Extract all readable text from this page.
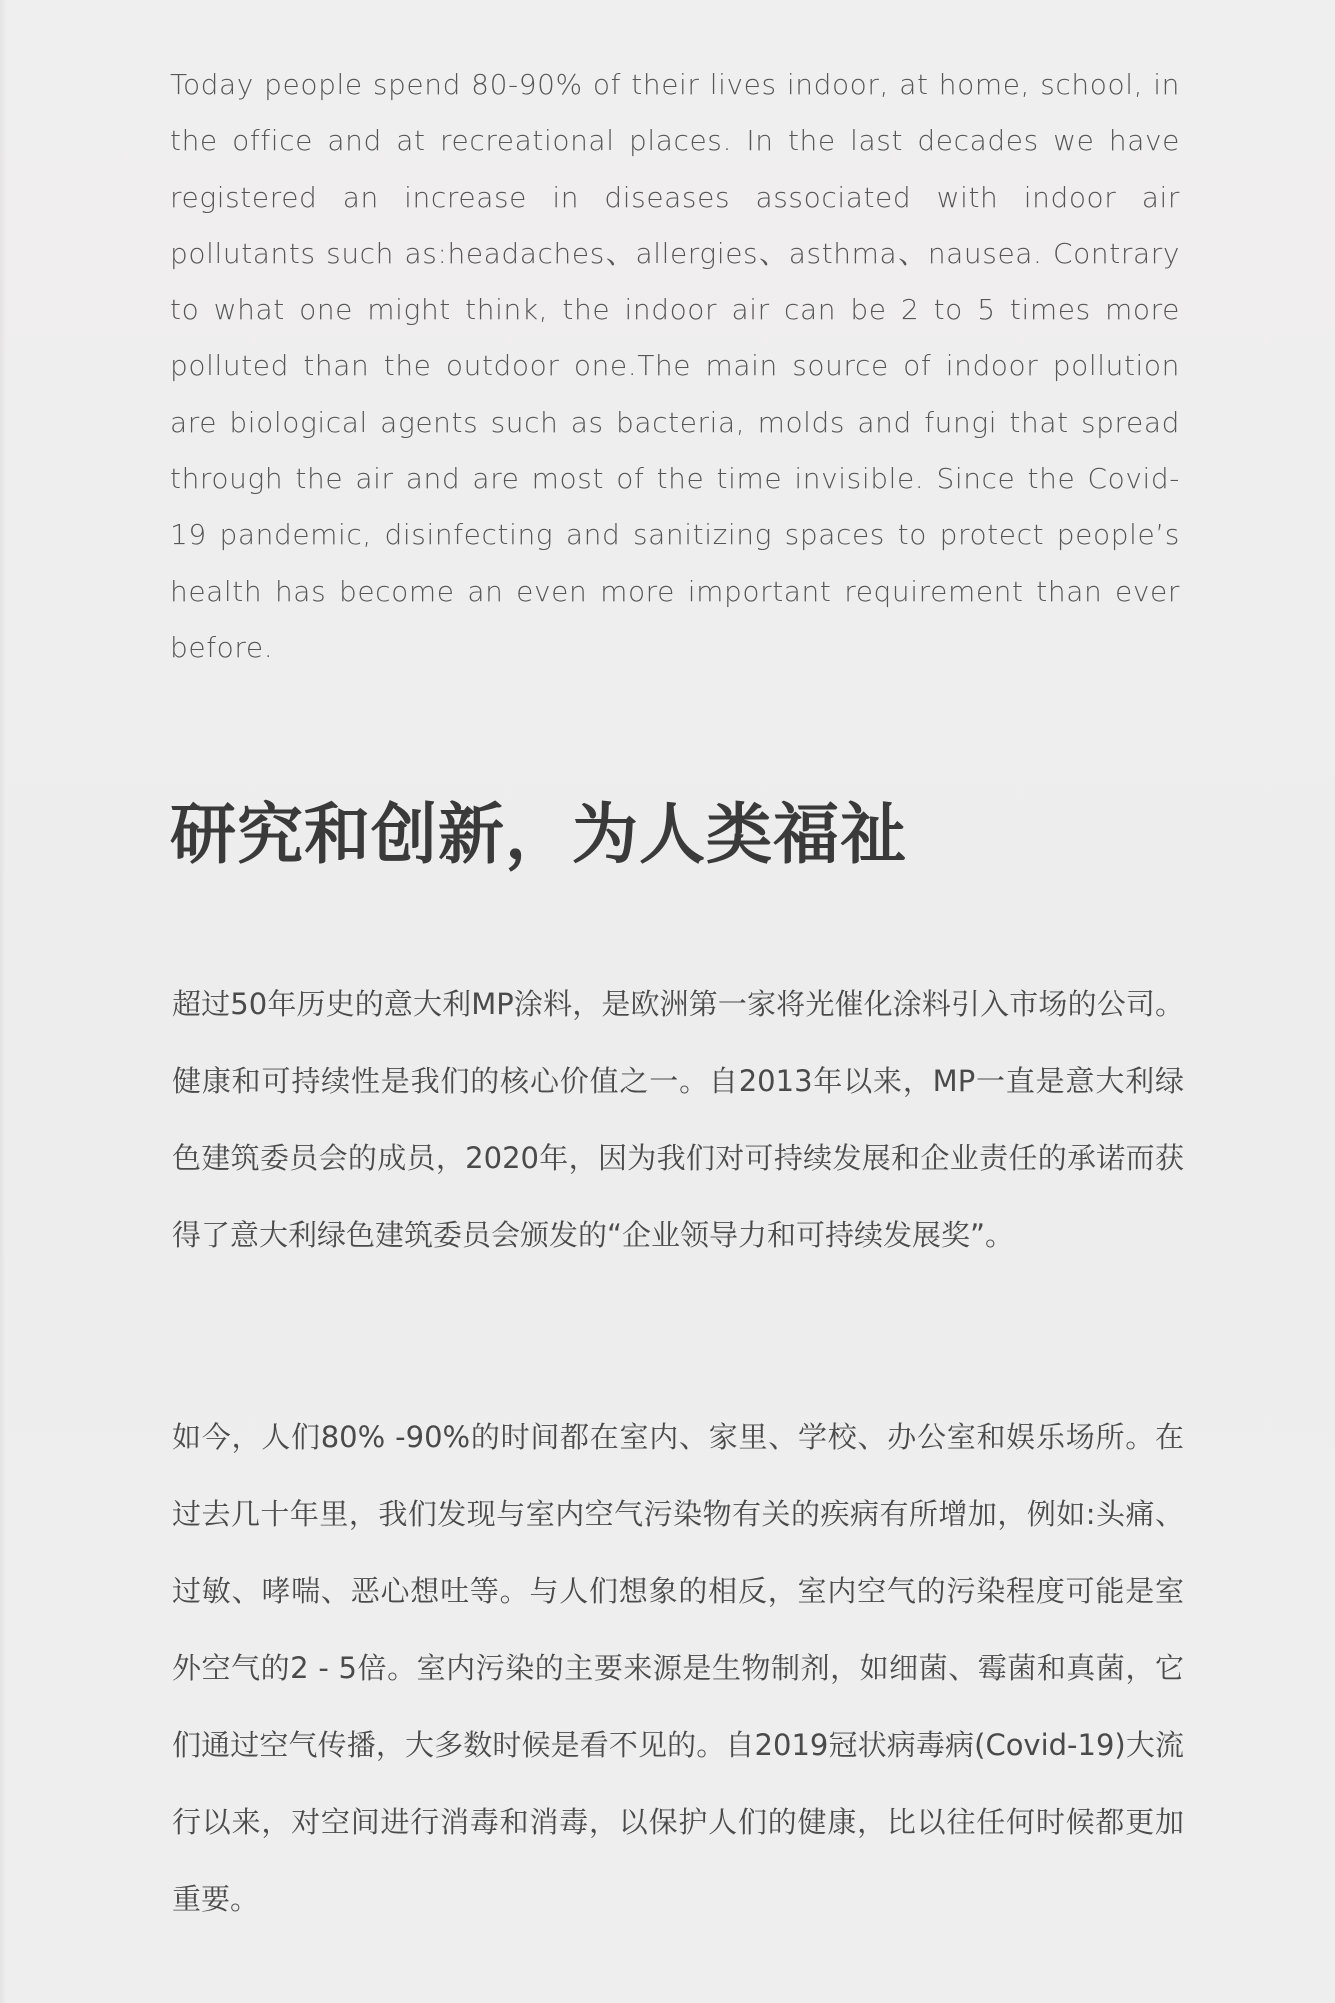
Today people spend 80-90% of their lives indoor, at home, school, in the office and at recreational places. In the last decades we have registered an increase in diseases associated with indoor air pollutants such as:headaches、allergies、asthma、nausea. Contrary to what one might think, the indoor air can be 2 to 5 times more polluted than the outdoor one.The main source of indoor pollution are biological agents such as bacteria, molds and fungi that spread through the air and are most of the time invisible. Since the Covid-19 pandemic, disinfecting and sanitizing spaces to protect people’s health has become an even more important requirement than ever before.

研究和创新，为人类福祉

超过50年历史的意大利MP涂料，是欧洲第一家将光催化涂料引入市场的公司。健康和可持续性是我们的核心价值之一。自2013年以来，MP一直是意大利绿色建筑委员会的成员，2020年，因为我们对可持续发展和企业责任的承诺而获得了意大利绿色建筑委员会颁发的“企业领导力和可持续发展奖”。

如今，人们80% -90%的时间都在室内、家里、学校、办公室和娱乐场所。在过去几十年里，我们发现与室内空气污染物有关的疾病有所增加，例如:头痛、过敏、哮喘、恶心想吐等。与人们想象的相反，室内空气的污染程度可能是室外空气的2 - 5倍。室内污染的主要来源是生物制剂，如细菌、霉菌和真菌，它们通过空气传播，大多数时候是看不见的。自2019冠状病毒病(Covid-19)大流行以来，对空间进行消毒和消毒，以保护人们的健康，比以往任何时候都更加重要。
